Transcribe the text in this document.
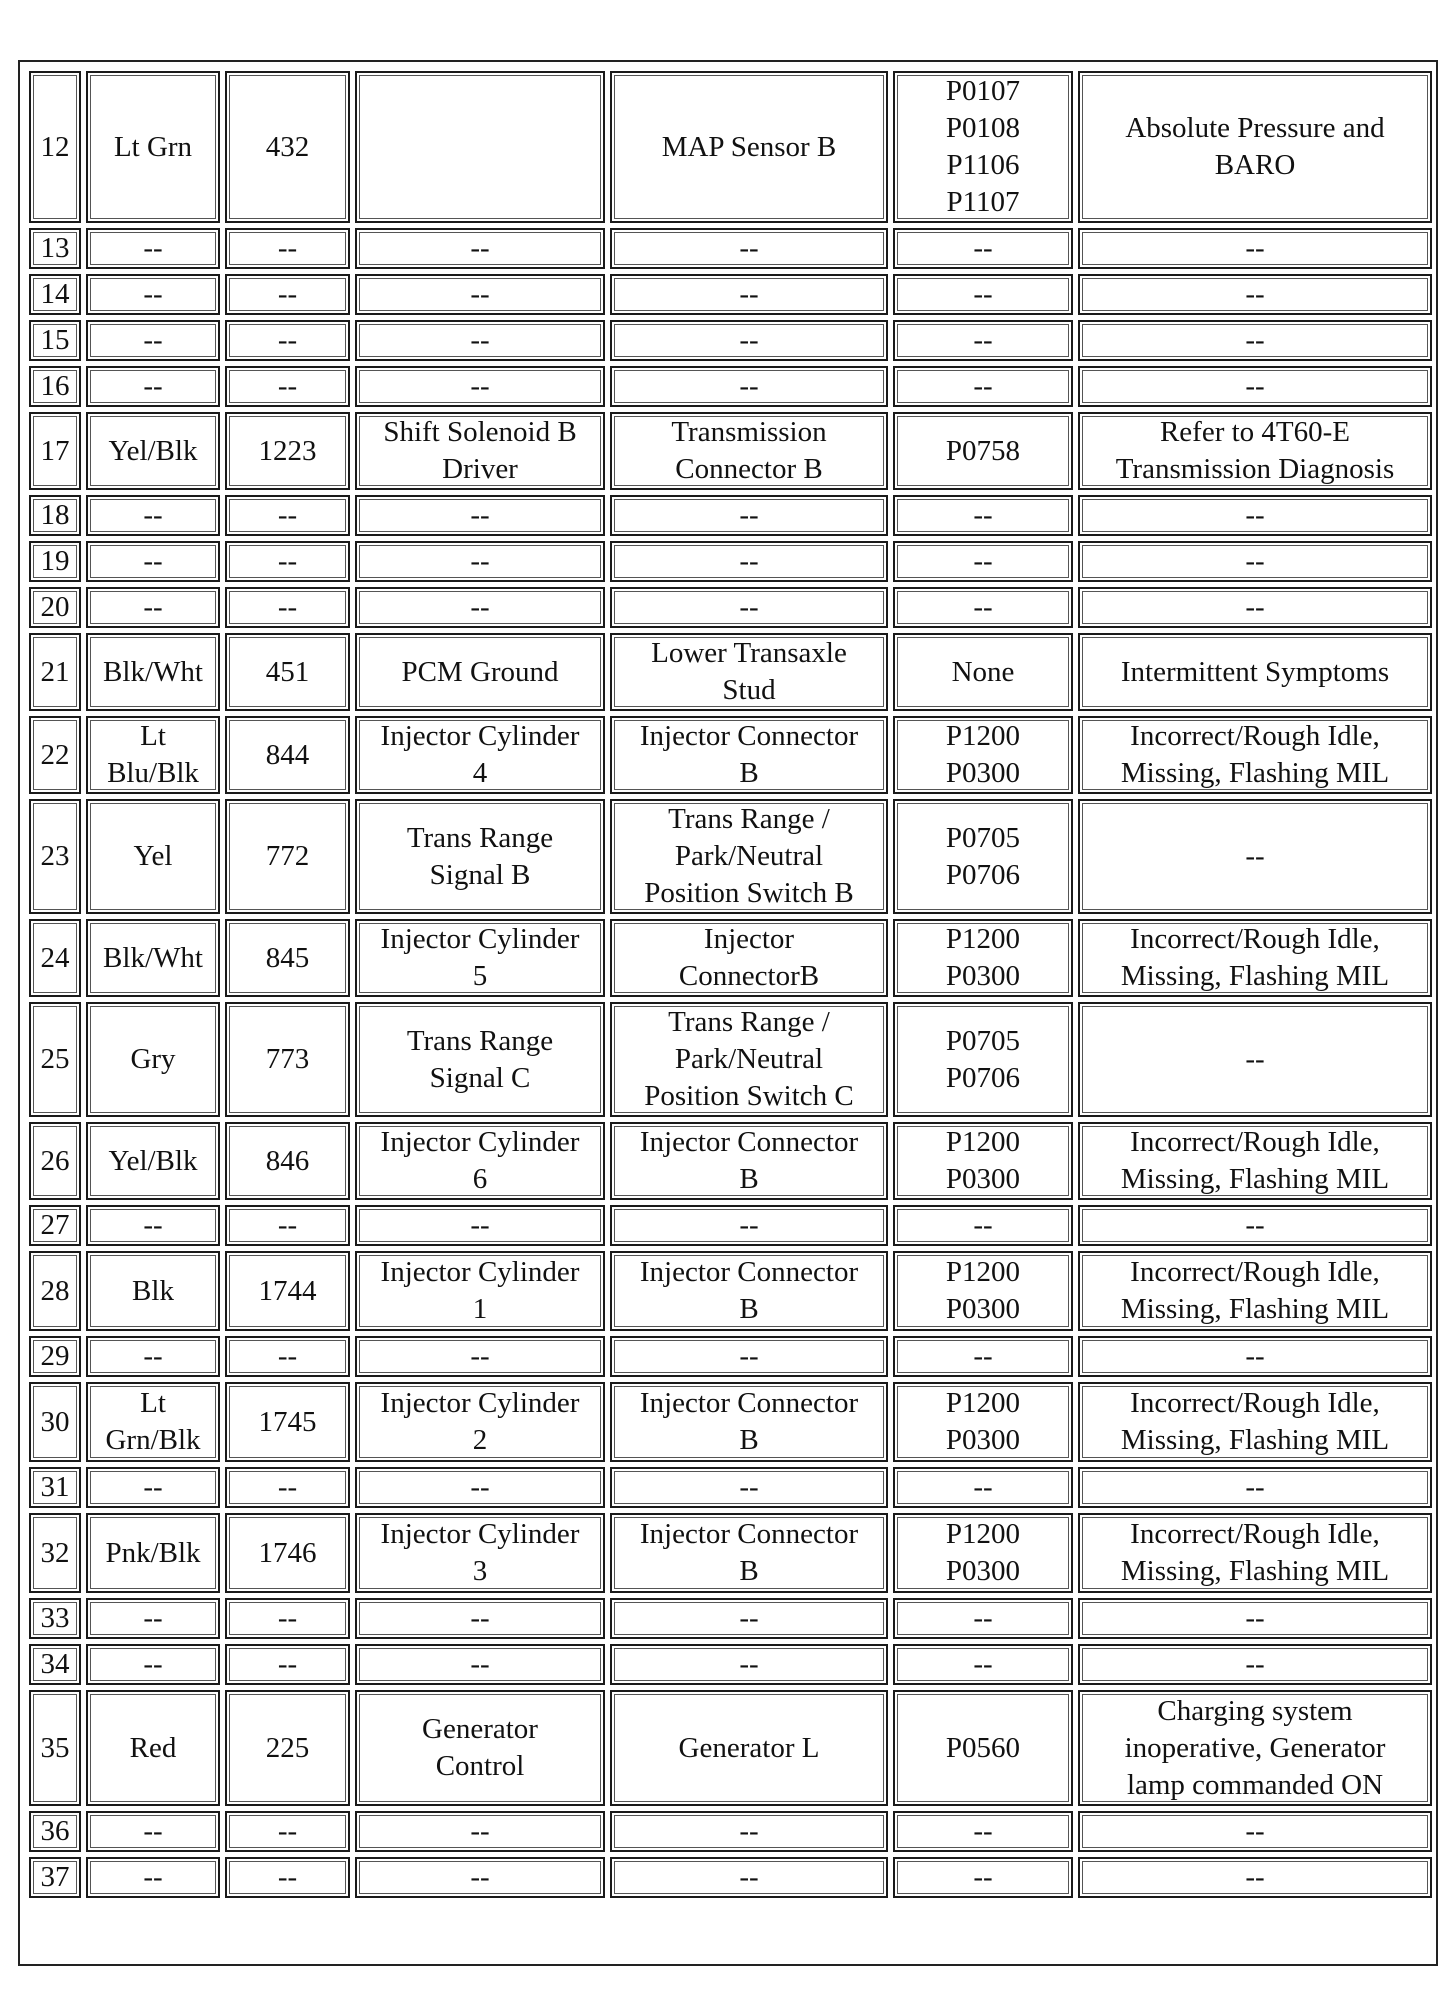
12	Lt Grn	432		MAP Sensor B	P0107
P0108
P1106
P1107	Absolute Pressure and
BARO
13	--	--	--	--	--	--
14	--	--	--	--	--	--
15	--	--	--	--	--	--
16	--	--	--	--	--	--
17	Yel/Blk	1223	Shift Solenoid B
Driver	Transmission
Connector B	P0758	Refer to 4T60-E
Transmission Diagnosis
18	--	--	--	--	--	--
19	--	--	--	--	--	--
20	--	--	--	--	--	--
21	Blk/Wht	451	PCM Ground	Lower Transaxle
Stud	None	Intermittent Symptoms
22	Lt
Blu/Blk	844	Injector Cylinder
4	Injector Connector
B	P1200
P0300	Incorrect/Rough Idle,
Missing, Flashing MIL
23	Yel	772	Trans Range
Signal B	Trans Range /
Park/Neutral
Position Switch B	P0705
P0706	--
24	Blk/Wht	845	Injector Cylinder
5	Injector
ConnectorB	P1200
P0300	Incorrect/Rough Idle,
Missing, Flashing MIL
25	Gry	773	Trans Range
Signal C	Trans Range /
Park/Neutral
Position Switch C	P0705
P0706	--
26	Yel/Blk	846	Injector Cylinder
6	Injector Connector
B	P1200
P0300	Incorrect/Rough Idle,
Missing, Flashing MIL
27	--	--	--	--	--	--
28	Blk	1744	Injector Cylinder
1	Injector Connector
B	P1200
P0300	Incorrect/Rough Idle,
Missing, Flashing MIL
29	--	--	--	--	--	--
30	Lt
Grn/Blk	1745	Injector Cylinder
2	Injector Connector
B	P1200
P0300	Incorrect/Rough Idle,
Missing, Flashing MIL
31	--	--	--	--	--	--
32	Pnk/Blk	1746	Injector Cylinder
3	Injector Connector
B	P1200
P0300	Incorrect/Rough Idle,
Missing, Flashing MIL
33	--	--	--	--	--	--
34	--	--	--	--	--	--
35	Red	225	Generator
Control	Generator L	P0560	Charging system
inoperative, Generator
lamp commanded ON
36	--	--	--	--	--	--
37	--	--	--	--	--	--
